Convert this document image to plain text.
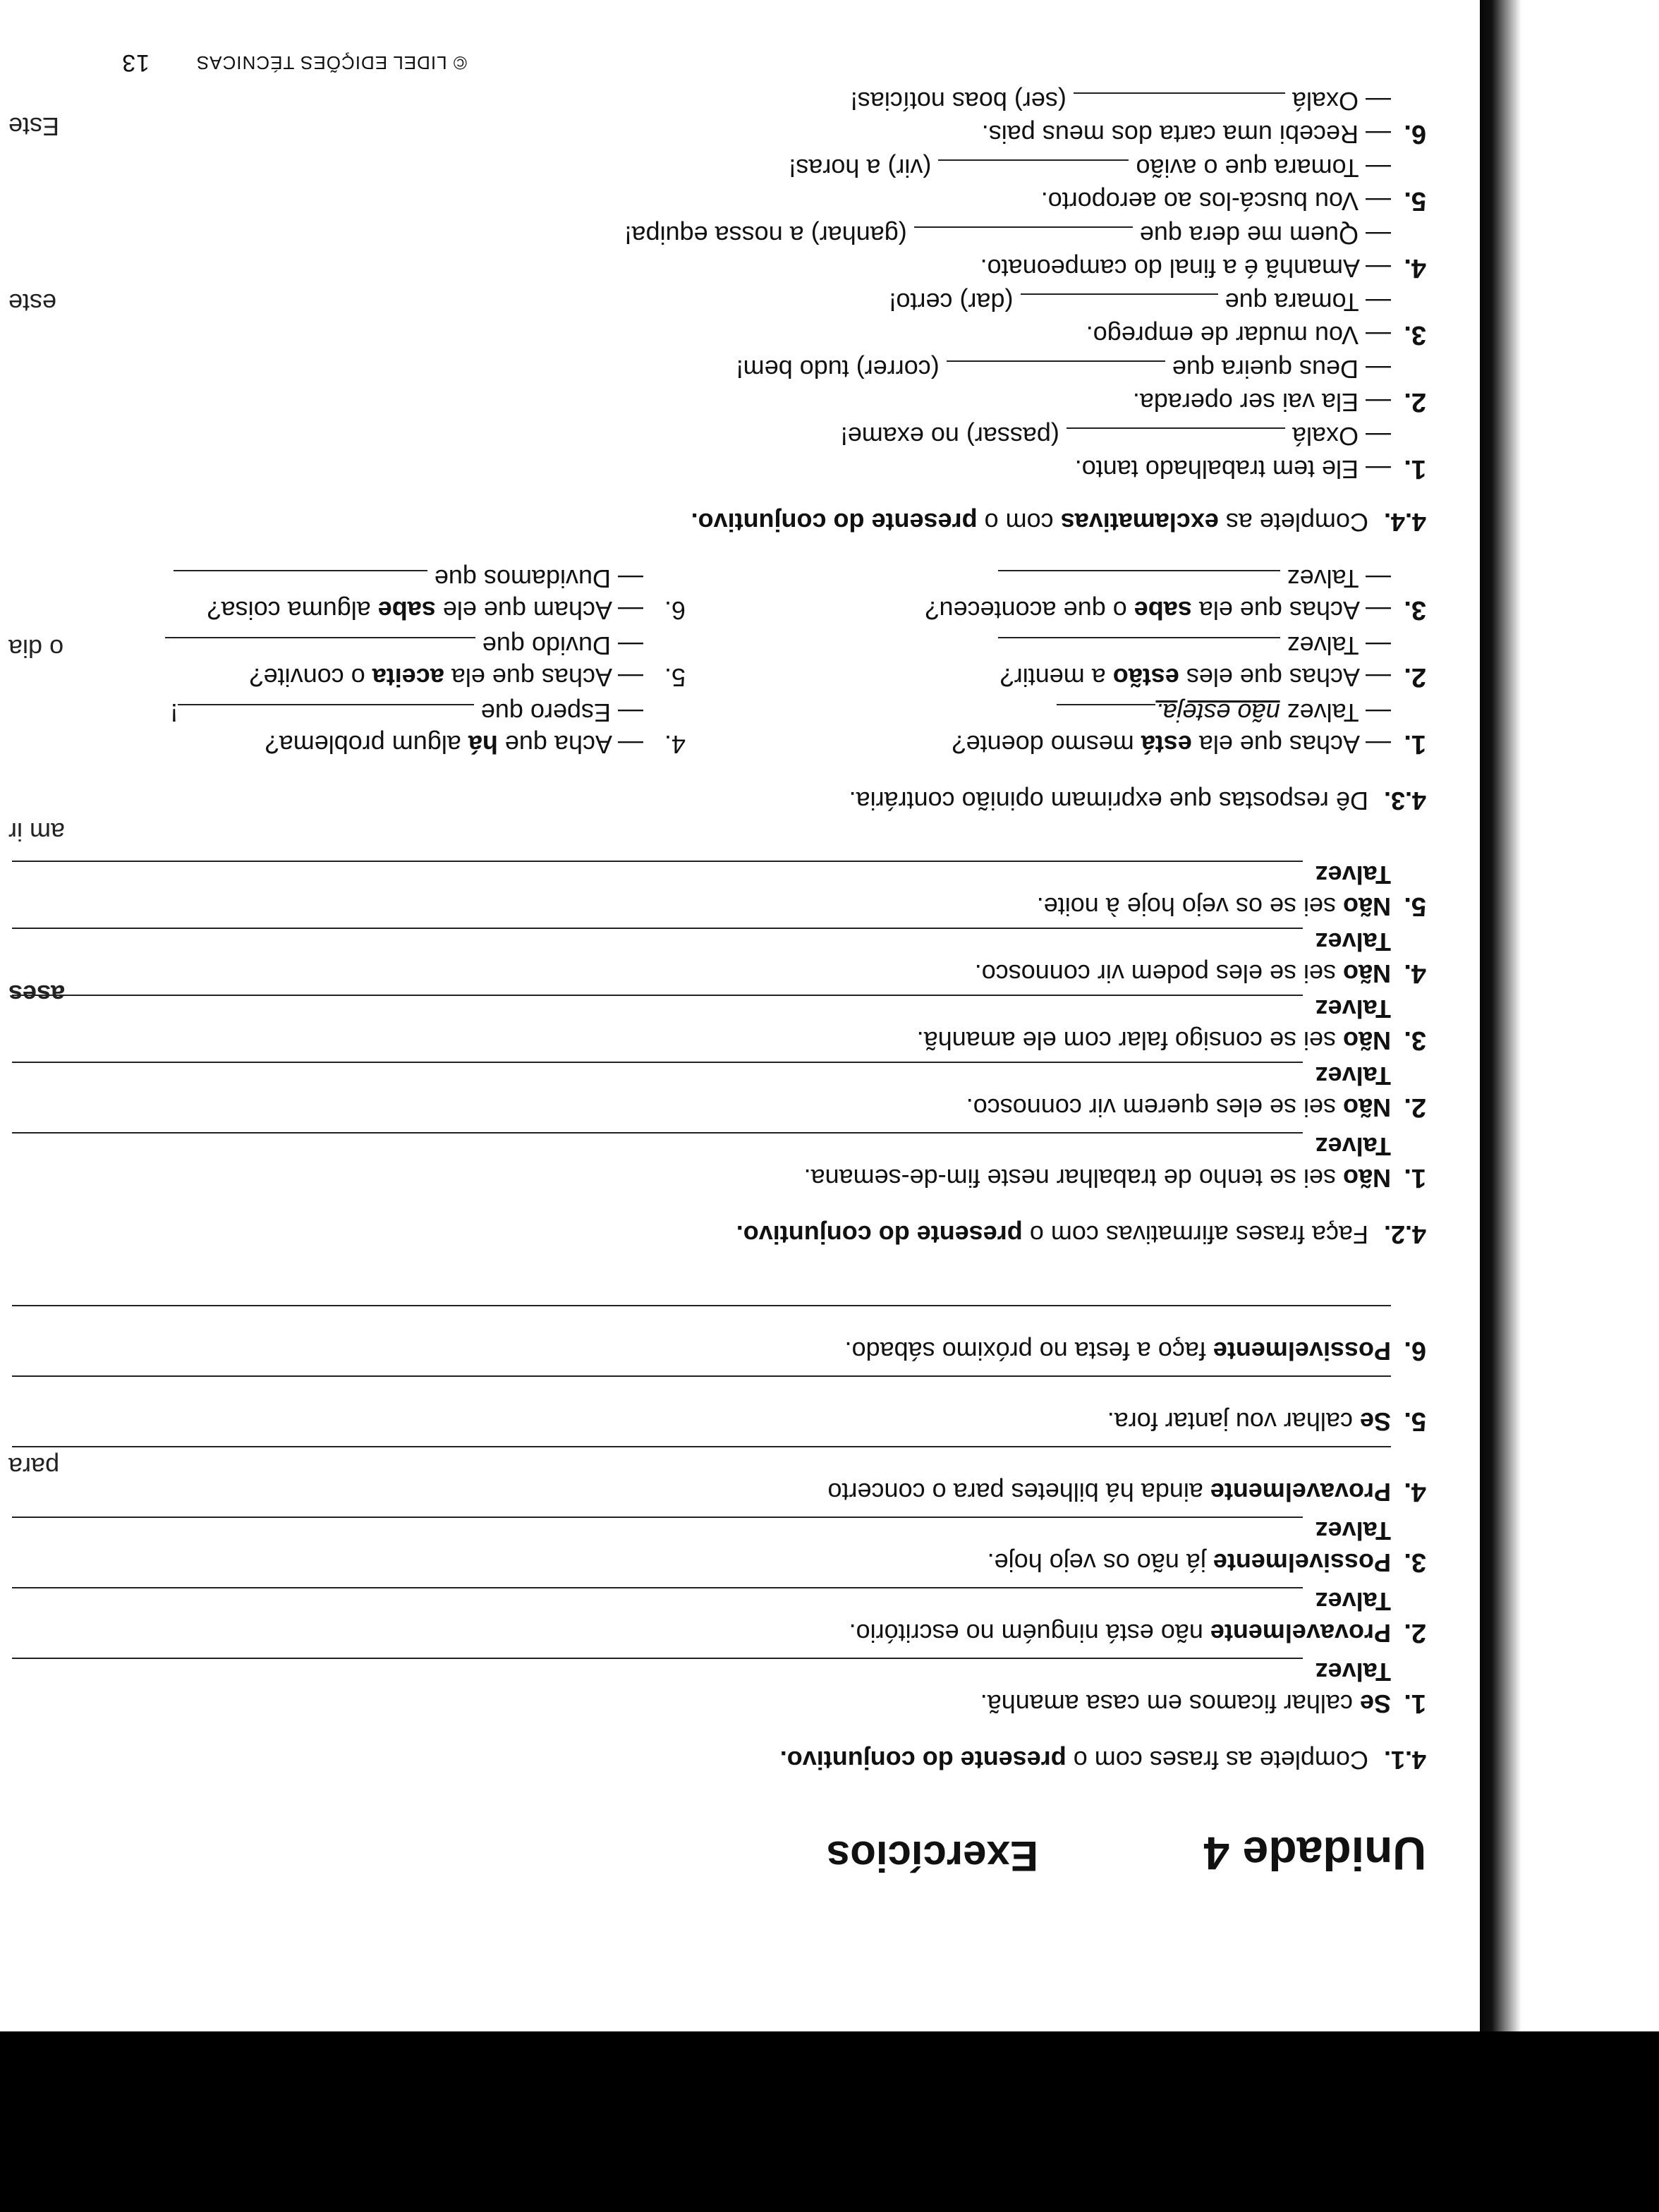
para
ases
am ir
o dia
este
Este
Unidade 4
Exercícios
4.1.Complete as frases com o presente do conjuntivo.
1.Se calhar ficamos em casa amanhã.
Talvez
2.Provavelmente não está ninguém no escritório.
Talvez
3.Possivelmente já não os vejo hoje.
Talvez
4.Provavelmente ainda há bilhetes para o concerto
5.Se calhar vou jantar fora.
6.Possivelmente faço a festa no próximo sábado.
4.2.Faça frases afirmativas com o presente do conjuntivo.
1.Não sei se tenho de trabalhar neste fim-de-semana.
Talvez
2.Não sei se eles querem vir connosco.
Talvez
3.Não sei se consigo falar com ele amanhã.
Talvez
4.Não sei se eles podem vir connosco.
Talvez
5.Não sei se os vejo hoje à noite.
Talvez
4.3.Dê respostas que exprimam opinião contrária.
1.— Achas que ela está mesmo doente?
— Talvez não esteja.
2.— Achas que eles estão a mentir?
— Talvez
3.— Achas que ela sabe o que aconteceu?
— Talvez
4.— Acha que há algum problema?
— Espero que !
5.— Achas que ela aceita o convite?
— Duvido que
6.— Acham que ele sabe alguma coisa?
— Duvidamos que
4.4.Complete as exclamativas com o presente do conjuntivo.
1.— Ele tem trabalhado tanto.
— Oxalá  (passar) no exame!
2.— Ela vai ser operada.
— Deus queira que  (correr) tudo bem!
3.— Vou mudar de emprego.
— Tomara que  (dar) certo!
4.— Amanhã é a final do campeonato.
— Quem me dera que  (ganhar) a nossa equipa!
5.— Vou buscá-los ao aeroporto.
— Tomara que o avião  (vir) a horas!
6.— Recebi uma carta dos meus pais.
— Oxalá  (ser) boas notícias!
© LIDEL EDIÇÕES TÉCNICAS
13
